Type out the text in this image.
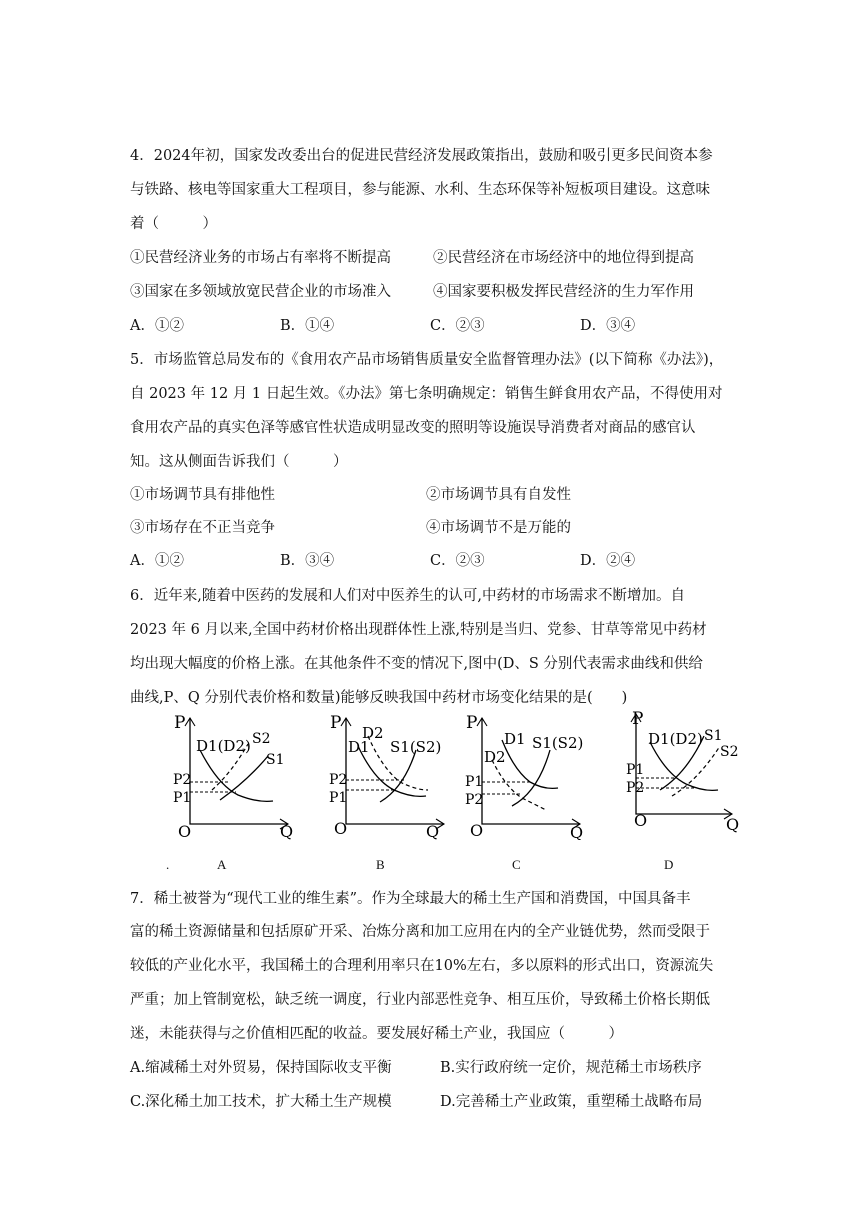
4．2024年初，国家发改委出台的促进民营经济发展政策指出，鼓励和吸引更多民间资本参
与铁路、核电等国家重大工程项目，参与能源、水利、生态环保等补短板项目建设。这意味
着（　　　）
①民营经济业务的市场占有率将不断提高	②民营经济在市场经济中的地位得到提高
③国家在多领域放宽民营企业的市场准入	④国家要积极发挥民营经济的生力军作用
A．①②	B．①④	C．②③	D．③④
5．市场监管总局发布的《食用农产品市场销售质量安全监督管理办法》(以下简称《办法》)，
自 2023 年 12 月 1 日起生效。《办法》第七条明确规定：销售生鲜食用农产品，不得使用对
食用农产品的真实色泽等感官性状造成明显改变的照明等设施误导消费者对商品的感官认
知。这从侧面告诉我们（　　　）
①市场调节具有排他性	②市场调节具有自发性
③市场存在不正当竞争	④市场调节不是万能的
A．①②	B．③④	C．②③	D．②④
6．近年来,随着中医药的发展和人们对中医养生的认可,中药材的市场需求不断增加。自
2023 年 6 月以来,全国中药材价格出现群体性上涨,特别是当归、党参、甘草等常见中药材
均出现大幅度的价格上涨。在其他条件不变的情况下,图中(D、S 分别代表需求曲线和供给
曲线,P、Q 分别代表价格和数量)能够反映我国中药材市场变化结果的是(　　)
P
Q
O
D1(D2) S2
S1
P2
P1
P
Q
O
D2
D1 S1(S2)
P2
P1
P
Q
O
D1
D2
S1(S2)
P1
P2
P
Q
O
D1(D2) S1
S2
P1
P2
.	A	B	C	D
7．稀土被誉为“现代工业的维生素”。作为全球最大的稀土生产国和消费国，中国具备丰
富的稀土资源储量和包括原矿开采、冶炼分离和加工应用在内的全产业链优势，然而受限于
较低的产业化水平，我国稀土的合理利用率只在10%左右，多以原料的形式出口，资源流失
严重；加上管制宽松，缺乏统一调度，行业内部恶性竞争、相互压价，导致稀土价格长期低
迷，未能获得与之价值相匹配的收益。要发展好稀土产业，我国应（　　　）
A.缩减稀土对外贸易，保持国际收支平衡	B.实行政府统一定价，规范稀土市场秩序
C.深化稀土加工技术，扩大稀土生产规模	D.完善稀土产业政策，重塑稀土战略布局
